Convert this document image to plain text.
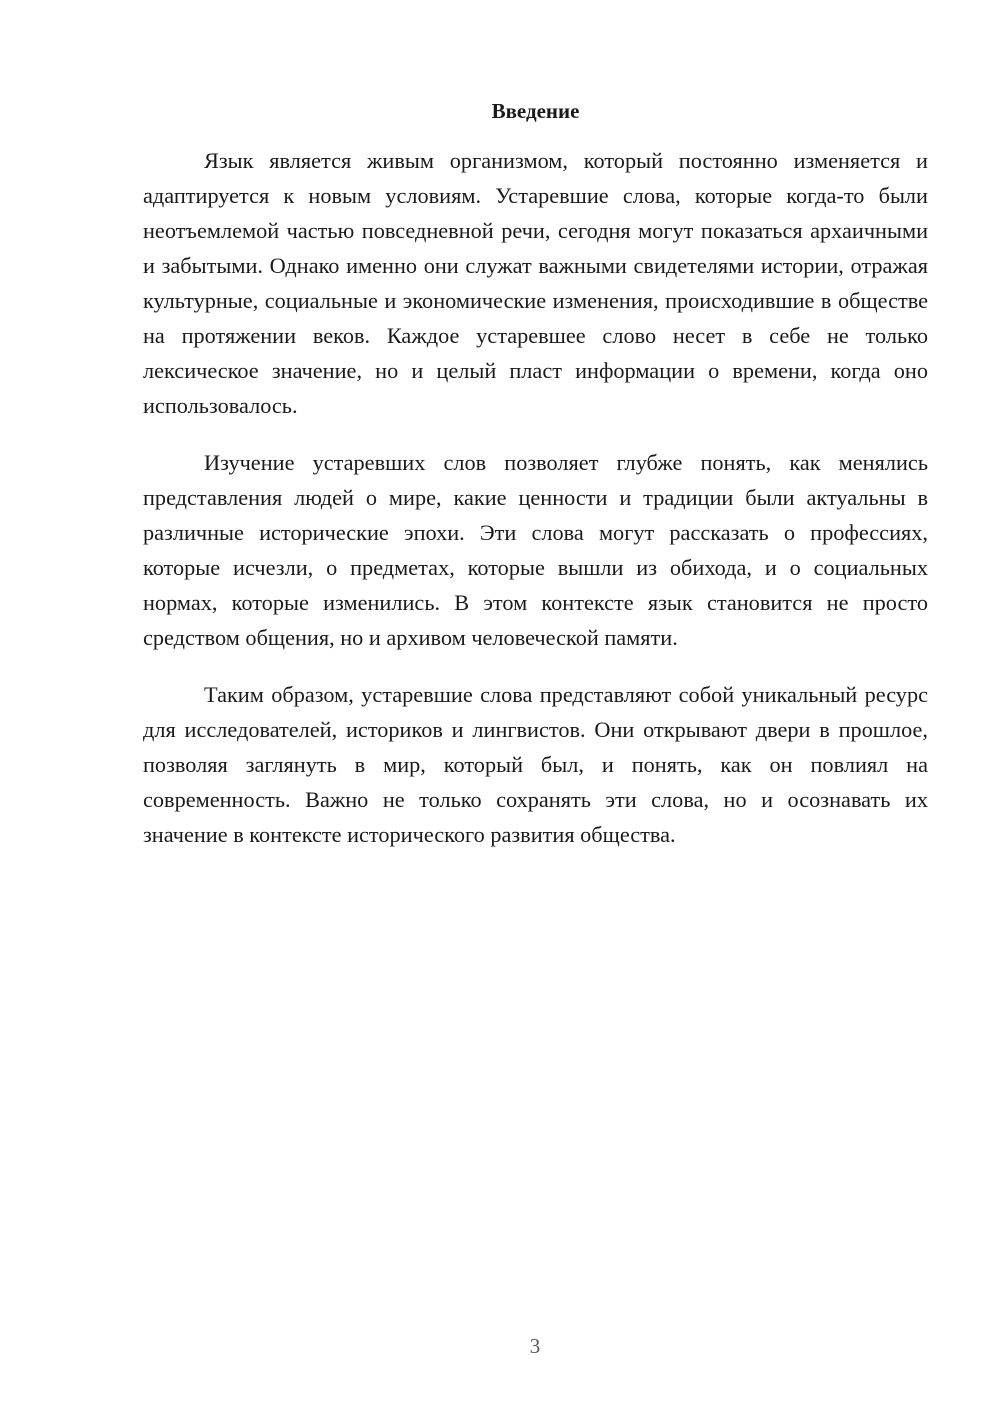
Введение

Язык является живым организмом, который постоянно изменяется и адаптируется к новым условиям. Устаревшие слова, которые когда-то были неотъемлемой частью повседневной речи, сегодня могут показаться архаичными и забытыми. Однако именно они служат важными свидетелями истории, отражая культурные, социальные и экономические изменения, происходившие в обществе на протяжении веков. Каждое устаревшее слово несет в себе не только лексическое значение, но и целый пласт информации о времени, когда оно использовалось.

Изучение устаревших слов позволяет глубже понять, как менялись представления людей о мире, какие ценности и традиции были актуальны в различные исторические эпохи. Эти слова могут рассказать о профессиях, которые исчезли, о предметах, которые вышли из обихода, и о социальных нормах, которые изменились. В этом контексте язык становится не просто средством общения, но и архивом человеческой памяти.

Таким образом, устаревшие слова представляют собой уникальный ресурс для исследователей, историков и лингвистов. Они открывают двери в прошлое, позволяя заглянуть в мир, который был, и понять, как он повлиял на современность. Важно не только сохранять эти слова, но и осознавать их значение в контексте исторического развития общества.

3
